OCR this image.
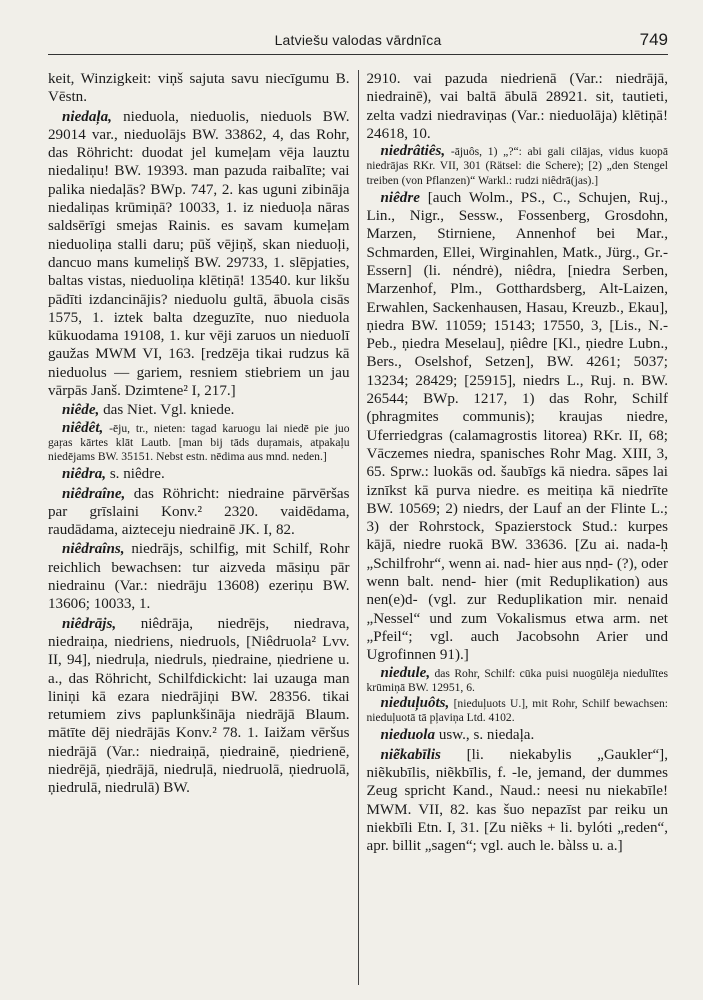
Latviešu valodas vārdnīca	749

keit, Winzigkeit: viņš sajuta savu niecīgumu B. Vēstn.

niedaļa, nieduola, nieduolis, nieduols BW. 29014 var., nieduolājs BW. 33862, 4, das Rohr, das Röhricht: duodat jel kumeļam vēja lauztu niedaliņu! BW. 19393. man pazuda raibalīte; vai palika niedaļās? BWp. 747, 2. kas uguni zibināja niedaliņas krūmiņā? 10033, 1. iz nieduoļa nāras saldsērīgi smejas Rainis. es savam kumeļam nieduoliņa stalli daru; pūš vējiņš, skan nieduoļi, dancuo mans kumeliņš BW. 29733, 1. slēpjaties, baltas vistas, nieduoliņa klētiņā! 13540. kur likšu pādīti izdancinājis? nieduolu gultā, ābuola cisās 1575, 1. iztek balta dzeguzīte, nuo nieduola kūkuodama 19108, 1. kur vēji zaruos un nieduolī gaužas MWM VI, 163. [redzēja tikai rudzus kā nieduolus — gariem, resniem stiebriem un jau vārpās Janš. Dzimtene² I, 217.]

niêde, das Niet. Vgl. kniede.

niêdêt, -ēju, tr., nieten: tagad karuogu lai niedē pie juo gaŗas kārtes klāt Lautb. [man bij tāds duŗamais, atpakaļu niedējams BW. 35151. Nebst estn. nēdima aus mnd. neden.]

niêdra, s. niêdre.

niêdraîne, das Röhricht: niedraine pārvēršas par grīslaini Konv.² 2320. vaidēdama, raudādama, aizteceju niedrainē JK. I, 82.

niêdraîns, niedrājs, schilfig, mit Schilf, Rohr reichlich bewachsen: tur aizveda māsiņu pār niedrainu (Var.: niedrāju 13608) ezeriņu BW. 13606; 10033, 1.

niêdrājs, niêdrāja, niedrējs, niedrava, niedraiņa, niedriens, niedruols, [Niêdruola² Lvv. II, 94], niedruļa, niedruls, ņiedraine, ņiedriene u. a., das Röhricht, Schilfdickicht: lai uzauga man liniņi kā ezara niedrājiņi BW. 28356. tikai retumiem zivs paplunkšināja niedrājā Blaum. mātīte dēj niedrājās Konv.² 78. 1. Iaižam vēršus niedrājā (Var.: niedraiņā, ņiedrainē, ņiedrienē, niedrējā, ņiedrājā, niedruļā, niedruolā, ņiedruolā, ņiedrulā, niedrulā) BW.

2910. vai pazuda niedrienā (Var.: niedrājā, niedrainē), vai baltā ābulā 28921. sit, tautieti, zelta vadzi niedraviņas (Var.: nieduolāja) klētiņā! 24618, 10.

niedrâtiês, -ājuôs, 1) „?“: abi gali cilājas, vidus kuopā niedrājas RKr. VII, 301 (Rätsel: die Schere); [2) „den Stengel treiben (von Pflanzen)“ Warkl.: rudzi niêdrā(jas).]

niêdre [auch Wolm., PS., C., Schujen, Ruj., Lin., Nigr., Sessw., Fossenberg, Grosdohn, Marzen, Stirniene, Annenhof bei Mar., Schmarden, Ellei, Wirginahlen, Matk., Jürg., Gr.-Essern] (li. néndrė), niêdra, [niedra Serben, Marzenhof, Plm., Gotthardsberg, Alt-Laizen, Erwahlen, Sackenhausen, Hasau, Kreuzb., Ekau], ņiedra BW. 11059; 15143; 17550, 3, [Lis., N.-Peb., ņiedra Meselau], ņiêdre [Kl., ņiedre Lubn., Bers., Oselshof, Setzen], BW. 4261; 5037; 13234; 28429; [25915], niedrs L., Ruj. n. BW. 26544; BWp. 1217, 1) das Rohr, Schilf (phragmites communis); kraujas niedre, Uferriedgras (calamagrostis litorea) RKr. II, 68; Vāczemes niedra, spanisches Rohr Mag. XIII, 3, 65. Sprw.: luokās od. šaubīgs kā niedra. sāpes lai iznīkst kā purva niedre. es meitiņa kā niedrīte BW. 10569; 2) niedrs, der Lauf an der Flinte L.; 3) der Rohrstock, Spazierstock Stud.: kurpes kājā, niedre ruokā BW. 33636. [Zu ai. nada-ḥ „Schilfrohr“, wenn ai. nad- hier aus nṇd- (?), oder wenn balt. nend- hier (mit Reduplikation) aus nen(e)d- (vgl. zur Reduplikation mir. nenaid „Nessel“ und zum Vokalismus etwa arm. net „Pfeil“; vgl. auch Jacobsohn Arier und Ugrofinnen 91).]

niedule, das Rohr, Schilf: cūka puisi nuogūlēja niedulītes krūmiņā BW. 12951, 6.

nieduļuôts, [nieduļuots U.], mit Rohr, Schilf bewachsen: nieduļuotā tā pļaviņa Ltd. 4102.

nieduola usw., s. niedaļa.

niẽkabīlis [li. niekabylis „Gaukler“], niẽkubīlis, niẽkbīlis, f. -le, jemand, der dummes Zeug spricht Kand., Naud.: neesi nu niekabīle! MWM. VII, 82. kas šuo nepazīst par reiku un niekbīli Etn. I, 31. [Zu niẽks + li. bylóti „reden“, apr. billit „sagen“; vgl. auch le. bàlss u. a.]
